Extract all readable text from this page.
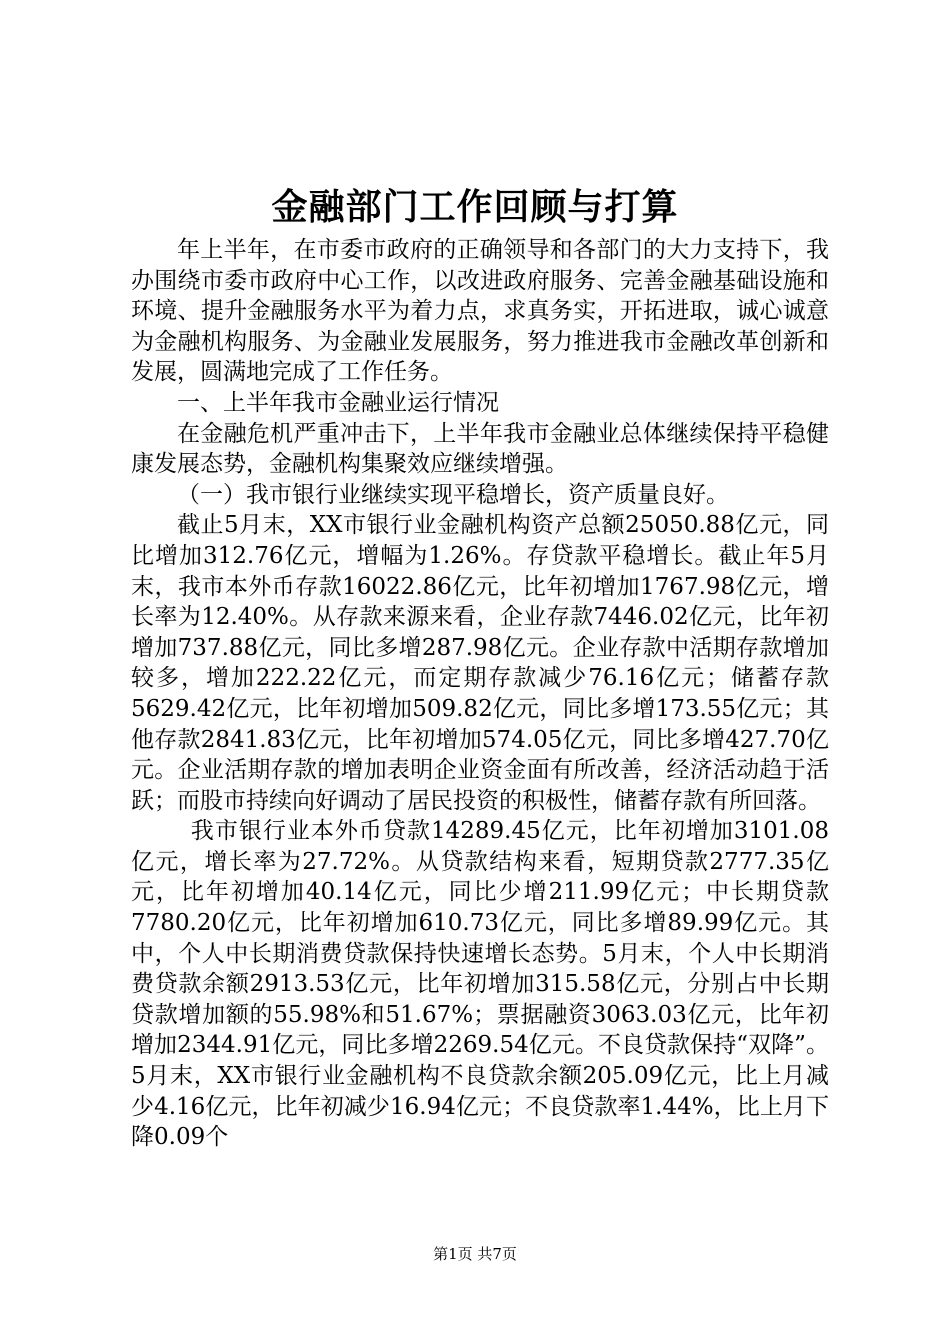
金融部门工作回顾与打算

年上半年，在市委市政府的正确领导和各部门的大力支持下，我办围绕市委市政府中心工作，以改进政府服务、完善金融基础设施和环境、提升金融服务水平为着力点，求真务实，开拓进取，诚心诚意为金融机构服务、为金融业发展服务，努力推进我市金融改革创新和发展，圆满地完成了工作任务。

一、上半年我市金融业运行情况

在金融危机严重冲击下，上半年我市金融业总体继续保持平稳健康发展态势，金融机构集聚效应继续增强。

（一）我市银行业继续实现平稳增长，资产质量良好。

截止5月末，XX市银行业金融机构资产总额25050.88亿元，同比增加312.76亿元，增幅为1.26%。存贷款平稳增长。截止年5月末，我市本外币存款16022.86亿元，比年初增加1767.98亿元，增长率为12.40%。从存款来源来看，企业存款7446.02亿元，比年初增加737.88亿元，同比多增287.98亿元。企业存款中活期存款增加较多，增加222.22亿元，而定期存款减少76.16亿元；储蓄存款5629.42亿元，比年初增加509.82亿元，同比多增173.55亿元；其他存款2841.83亿元，比年初增加574.05亿元，同比多增427.70亿元。企业活期存款的增加表明企业资金面有所改善，经济活动趋于活跃；而股市持续向好调动了居民投资的积极性，储蓄存款有所回落。

我市银行业本外币贷款14289.45亿元，比年初增加3101.08亿元，增长率为27.72%。从贷款结构来看，短期贷款2777.35亿元，比年初增加40.14亿元，同比少增211.99亿元；中长期贷款7780.20亿元，比年初增加610.73亿元，同比多增89.99亿元。其中，个人中长期消费贷款保持快速增长态势。5月末，个人中长期消费贷款余额2913.53亿元，比年初增加315.58亿元，分别占中长期贷款增加额的55.98%和51.67%；票据融资3063.03亿元，比年初增加2344.91亿元，同比多增2269.54亿元。不良贷款保持“双降”。5月末，XX市银行业金融机构不良贷款余额205.09亿元，比上月减少4.16亿元，比年初减少16.94亿元；不良贷款率1.44%，比上月下降0.09个

第1页 共7页
